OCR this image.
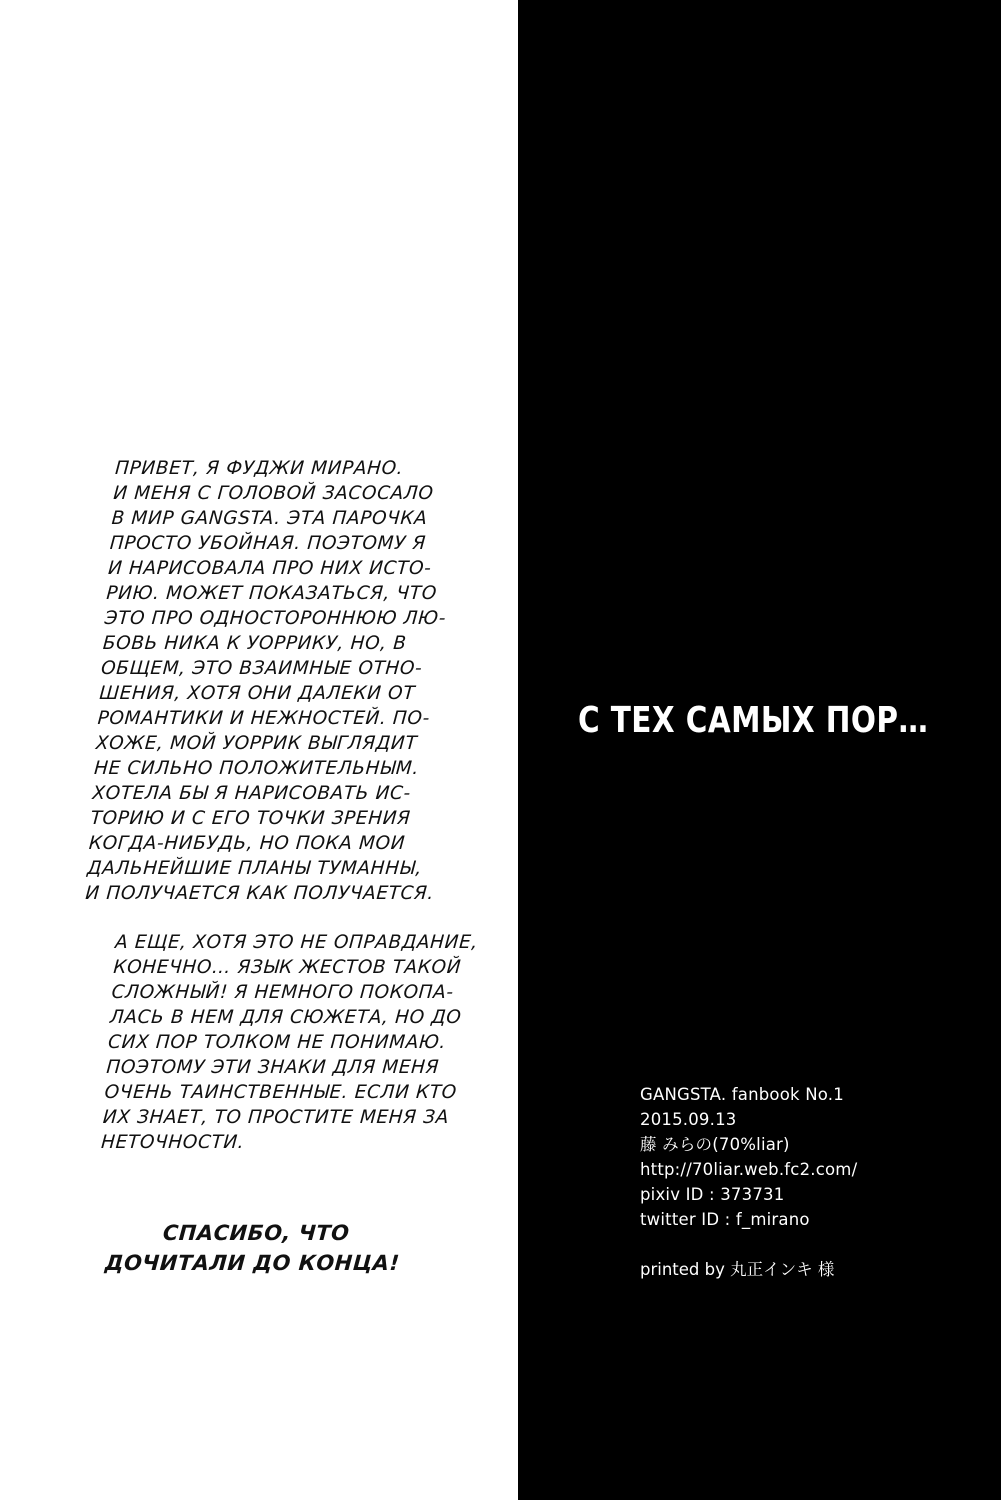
ПРИВЕТ, Я ФУДЖИ МИРАНО.
И МЕНЯ С ГОЛОВОЙ ЗАСОСАЛО
В МИР GANGSTA. ЭТА ПАРОЧКА
ПРОСТО УБОЙНАЯ. ПОЭТОМУ Я
И НАРИСОВАЛА ПРО НИХ ИСТО-
РИЮ. МОЖЕТ ПОКАЗАТЬСЯ, ЧТО
ЭТО ПРО ОДНОСТОРОННЮЮ ЛЮ-
БОВЬ НИКА К УОРРИКУ, НО, В
ОБЩЕМ, ЭТО ВЗАИМНЫЕ ОТНО-
ШЕНИЯ, ХОТЯ ОНИ ДАЛЕКИ ОТ
РОМАНТИКИ И НЕЖНОСТЕЙ. ПО-
ХОЖЕ, МОЙ УОРРИК ВЫГЛЯДИТ
НЕ СИЛЬНО ПОЛОЖИТЕЛЬНЫМ.
ХОТЕЛА БЫ Я НАРИСОВАТЬ ИС-
ТОРИЮ И С ЕГО ТОЧКИ ЗРЕНИЯ
КОГДА-НИБУДЬ, НО ПОКА МОИ
ДАЛЬНЕЙШИЕ ПЛАНЫ ТУМАННЫ,
И ПОЛУЧАЕТСЯ КАК ПОЛУЧАЕТСЯ.
А ЕЩЕ, ХОТЯ ЭТО НЕ ОПРАВДАНИЕ,
КОНЕЧНО… ЯЗЫК ЖЕСТОВ ТАКОЙ
СЛОЖНЫЙ! Я НЕМНОГО ПОКОПА-
ЛАСЬ В НЕМ ДЛЯ СЮЖЕТА, НО ДО
СИХ ПОР ТОЛКОМ НЕ ПОНИМАЮ.
ПОЭТОМУ ЭТИ ЗНАКИ ДЛЯ МЕНЯ
ОЧЕНЬ ТАИНСТВЕННЫЕ. ЕСЛИ КТО
ИХ ЗНАЕТ, ТО ПРОСТИТЕ МЕНЯ ЗА
НЕТОЧНОСТИ.
СПАСИБО, ЧТО
ДОЧИТАЛИ ДО КОНЦА!
С ТЕХ САМЫХ ПОР…
GANGSTA. fanbook No.1
2015.09.13
藤 みらの(70%liar)
http://70liar.web.fc2.com/
pixiv ID : 373731
twitter ID : f_mirano
printed by 丸正インキ 様
